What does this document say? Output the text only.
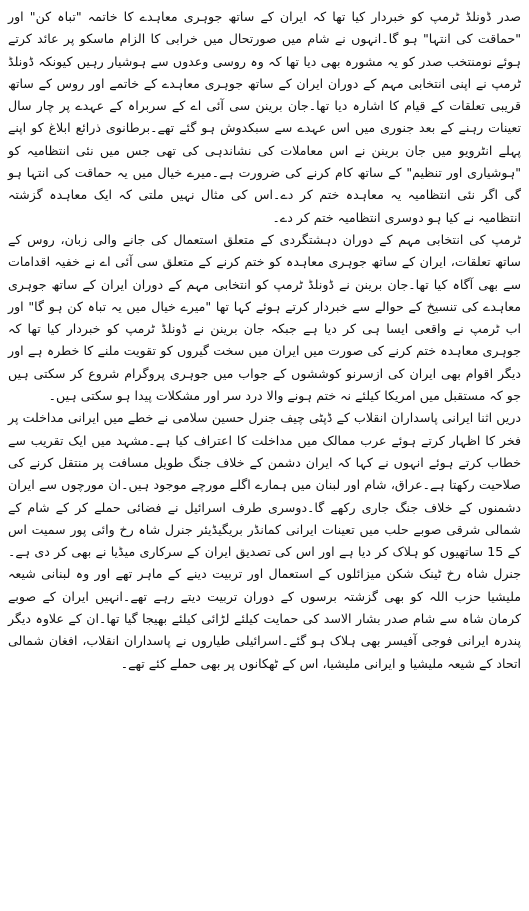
صدر ڈونلڈ ٹرمپ کو خبردار کیا تھا کہ ایران کے ساتھ جوہری معاہدے کا خاتمہ "تباہ کن" اور "حماقت کی انتہا" ہو گا۔انہوں نے شام میں صورتحال میں خرابی کا الزام ماسکو پر عائد کرتے ہوئے نومنتخب صدر کو یہ مشورہ بھی دیا تھا کہ وہ روسی وعدوں سے ہوشیار رہیں کیونکہ ڈونلڈ ٹرمپ نے اپنی انتخابی مہم کے دوران ایران کے ساتھ جوہری معاہدے کے خاتمے اور روس کے ساتھ قریبی تعلقات کے قیام کا اشارہ دیا تھا۔جان برینن سی آئی اے کے سربراہ کے عہدے پر چار سال تعینات رہنے کے بعد جنوری میں اس عہدے سے سبکدوش ہو گئے تھے۔برطانوی ذرائع ابلاغ کو اپنے پہلے انٹرویو میں جان برینن نے اس معاملات کی نشاندہی کی تھی جس میں نئی انتظامیہ کو "ہوشیاری اور تنظیم" کے ساتھ کام کرنے کی ضرورت ہے۔میرے خیال میں یہ حماقت کی انتہا ہو گی اگر نئی انتظامیہ یہ معاہدہ ختم کر دے۔اس کی مثال نہیں ملتی کہ ایک معاہدہ گزشتہ انتظامیہ نے کیا ہو دوسری انتظامیہ ختم کر دے۔

ٹرمپ کی انتخابی مہم کے دوران دہشتگردی کے متعلق استعمال کی جانے والی زبان، روس کے ساتھ تعلقات، ایران کے ساتھ جوہری معاہدہ کو ختم کرنے کے متعلق سی آئی اے نے خفیہ اقدامات سے بھی آگاہ کیا تھا۔جان برینن نے ڈونلڈ ٹرمپ کو انتخابی مہم کے دوران ایران کے ساتھ جوہری معاہدے کی تنسیخ کے حوالے سے خبردار کرتے ہوئے کہا تھا "میرے خیال میں یہ تباہ کن ہو گا" اور اب ٹرمپ نے واقعی ایسا ہی کر دیا ہے جبکہ جان برینن نے ڈونلڈ ٹرمپ کو خبردار کیا تھا کہ جوہری معاہدہ ختم کرنے کی صورت میں ایران میں سخت گیروں کو تقویت ملنے کا خطرہ ہے اور دیگر اقوام بھی ایران کی ازسرنو کوششوں کے جواب میں جوہری پروگرام شروع کر سکتی ہیں جو کہ مستقبل میں امریکا کیلئے نہ ختم ہونے والا درد سر اور مشکلات پیدا ہو سکتی ہیں۔

دریں اثنا ایرانی پاسداران انقلاب کے ڈپٹی چیف جنرل حسین سلامی نے خطے میں ایرانی مداخلت پر فخر کا اظہار کرتے ہوئے عرب ممالک میں مداخلت کا اعتراف کیا ہے۔مشہد میں ایک تقریب سے خطاب کرتے ہوئے انہوں نے کہا کہ ایران دشمن کے خلاف جنگ طویل مسافت پر منتقل کرنے کی صلاحیت رکھتا ہے۔عراق، شام اور لبنان میں ہمارے اگلے مورچے موجود ہیں۔ان مورچوں سے ایران دشمنوں کے خلاف جنگ جاری رکھے گا۔دوسری طرف اسرائیل نے فضائی حملے کر کے شام کے شمالی شرقی صوبے حلب میں تعینات ایرانی کمانڈر بریگیڈیئر جنرل شاہ رخ وائی پور سمیت اس کے 15 ساتھیوں کو ہلاک کر دیا ہے اور اس کی تصدیق ایران کے سرکاری میڈیا نے بھی کر دی ہے۔جنرل شاہ رخ ٹینک شکن میزائلوں کے استعمال اور تربیت دینے کے ماہر تھے اور وہ لبنانی شیعہ ملیشیا حزب اللہ کو بھی گزشتہ برسوں کے دوران تربیت دیتے رہے تھے۔انہیں ایران کے صوبے کرمان شاہ سے شام صدر بشار الاسد کی حمایت کیلئے لڑائی کیلئے بھیجا گیا تھا۔ان کے علاوہ دیگر پندرہ ایرانی فوجی آفیسر بھی ہلاک ہو گئے۔اسرائیلی طیاروں نے پاسداران انقلاب، افغان شمالی اتحاد کے شیعہ ملیشیا و ایرانی ملیشیا، اس کے ٹھکانوں پر بھی حملے کئے تھے۔
